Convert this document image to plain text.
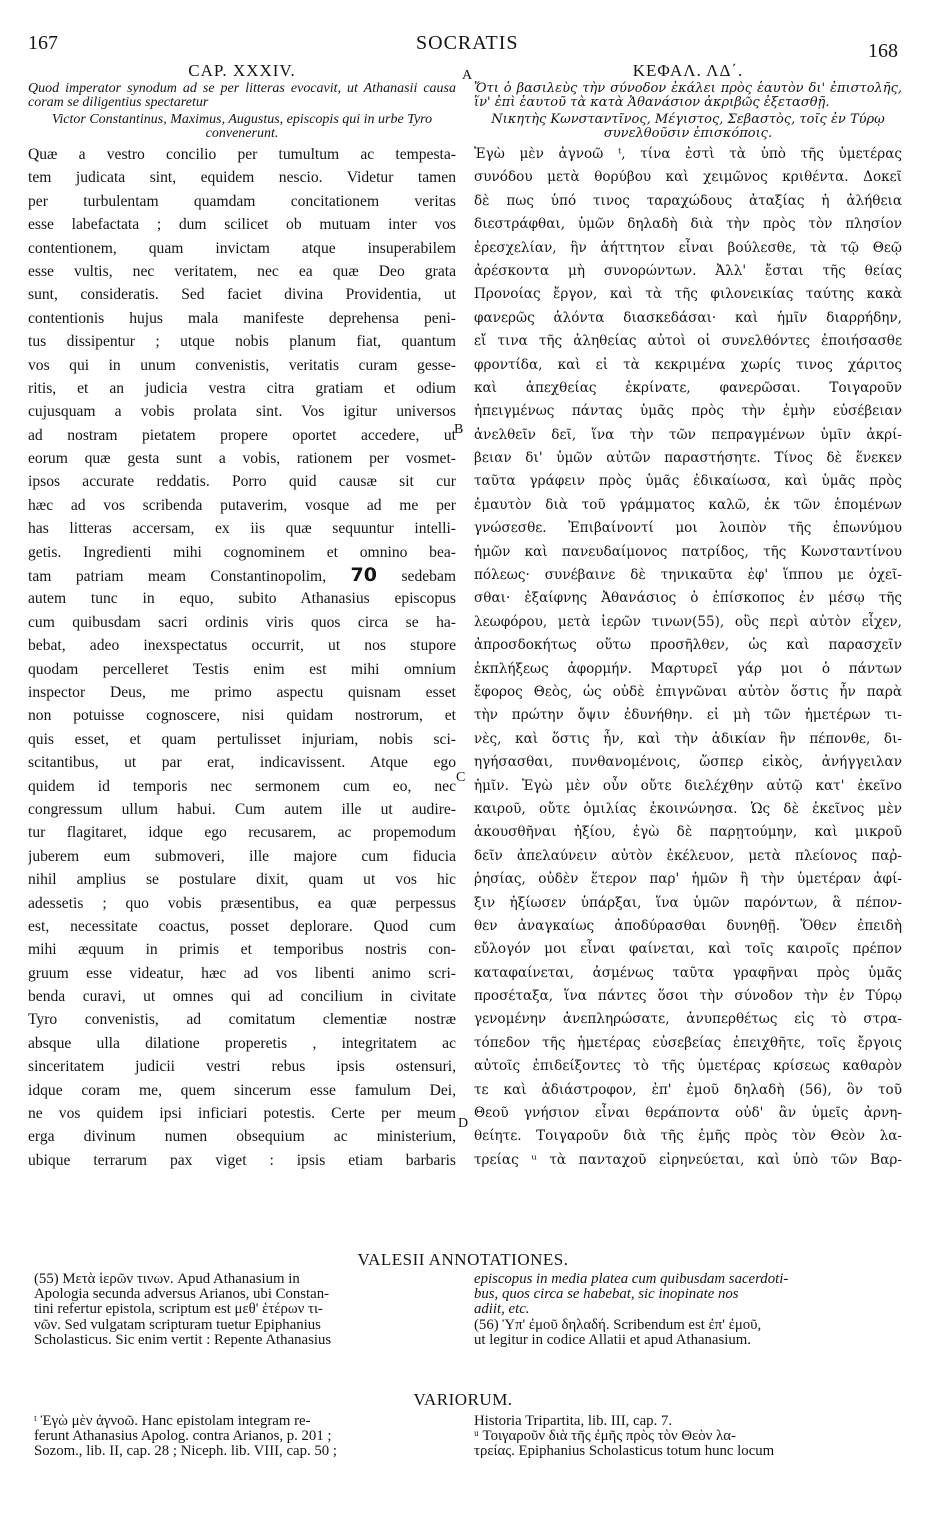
167	SOCRATIS	168
CAP. XXXIV.
Quod imperator synodum ad se per litteras evocavit, ut Athanasii causa coram se diligentius spectaretur
Victor Constantinus, Maximus, Augustus, episcopis qui in urbe Tyro convenerunt.
Quæ a vestro concilio per tumultum ac tempesta-
tem judicata sint, equidem nescio. Videtur tamen
per turbulentam quamdam concitationem veritas
esse labefactata ; dum scilicet ob mutuam inter vos
contentionem, quam invictam atque insuperabilem
esse vultis, nec veritatem, nec ea quæ Deo grata
sunt, consideratis. Sed faciet divina Providentia, ut
contentionis hujus mala manifeste deprehensa peni-
tus dissipentur ; utque nobis planum fiat, quantum
vos qui in unum convenistis, veritatis curam gesse-
ritis, et an judicia vestra citra gratiam et odium
cujusquam a vobis prolata sint. Vos igitur universos
ad nostram pietatem propere oportet accedere, ut
eorum quæ gesta sunt a vobis, rationem per vosmet-
ipsos accurate reddatis. Porro quid causæ sit cur
hæc ad vos scribenda putaverim, vosque ad me per
has litteras accersam, ex iis quæ sequuntur intelli-
getis. Ingredienti mihi cognominem et omnino bea-
tam patriam meam Constantinopolim, 70 sedebam
autem tunc in equo, subito Athanasius episcopus
cum quibusdam sacri ordinis viris quos circa se ha-
bebat, adeo inexspectatus occurrit, ut nos stupore
quodam percelleret Testis enim est mihi omnium
inspector Deus, me primo aspectu quisnam esset
non potuisse cognoscere, nisi quidam nostrorum, et
quis esset, et quam pertulisset injuriam, nobis sci-
scitantibus, ut par erat, indicavissent. Atque ego
quidem id temporis nec sermonem cum eo, nec
congressum ullum habui. Cum autem ille ut audire-
tur flagitaret, idque ego recusarem, ac propemodum
juberem eum submoveri, ille majore cum fiducia
nihil amplius se postulare dixit, quam ut vos hic
adessetis ; quo vobis præsentibus, ea quæ perpessus
est, necessitate coactus, posset deplorare. Quod cum
mihi æquum in primis et temporibus nostris con-
gruum esse videatur, hæc ad vos libenti animo scri-
benda curavi, ut omnes qui ad concilium in civitate
Tyro convenistis, ad comitatum clementiæ nostræ
absque ulla dilatione properetis , integritatem ac
sinceritatem judicii vestri rebus ipsis ostensuri,
idque coram me, quem sincerum esse famulum Dei,
ne vos quidem ipsi inficiari potestis. Certe per meum
erga divinum numen obsequium ac ministerium,
ubique terrarum pax viget : ipsis etiam barbaris
ΚΕΦΑΛ. ΛΔ΄.
Ὅτι ὁ βασιλεὺς τὴν σύνοδον ἐκάλει πρὸς ἑαυτὸν δι' ἐπιστολῆς, ἵν' ἐπὶ ἑαυτοῦ τὰ κατὰ Ἀθανάσιον ἀκριβῶς ἐξετασθῇ.
Νικητὴς Κωνσταντῖνος, Μέγιστος, Σεβαστὸς, τοῖς ἐν Τύρῳ συνελθοῦσιν ἐπισκόποις.
Ἐγὼ μὲν ἀγνοῶ ᵗ, τίνα ἐστὶ τὰ ὑπὸ τῆς ὑμετέρας
συνόδου μετὰ θορύβου καὶ χειμῶνος κριθέντα. Δοκεῖ
δὲ πως ὑπό τινος ταραχώδους ἀταξίας ἡ ἀλήθεια
διεστράφθαι, ὑμῶν δηλαδὴ διὰ τὴν πρὸς τὸν πλησίον
ἐρεσχελίαν, ἣν ἀήττητον εἶναι βούλεσθε, τὰ τῷ Θεῷ
ἀρέσκοντα μὴ συνορώντων. Ἀλλ' ἔσται τῆς θείας
Προνοίας ἔργον, καὶ τὰ τῆς φιλονεικίας ταύτης κακὰ
φανερῶς ἁλόντα διασκεδάσαι· καὶ ἡμῖν διαρρήδην,
εἴ τινα τῆς ἀληθείας αὐτοὶ οἱ συνελθόντες ἐποιήσασθε
φροντίδα, καὶ εἰ τὰ κεκριμένα χωρίς τινος χάριτος
καὶ ἀπεχθείας ἐκρίνατε, φανερῶσαι. Τοιγαροῦν
ἠπειγμένως πάντας ὑμᾶς πρὸς τὴν ἐμὴν εὐσέβειαν
ἀνελθεῖν δεῖ, ἵνα τὴν τῶν πεπραγμένων ὑμῖν ἀκρί-
βειαν δι' ὑμῶν αὐτῶν παραστήσητε. Τίνος δὲ ἕνεκεν
ταῦτα γράφειν πρὸς ὑμᾶς ἐδικαίωσα, καὶ ὑμᾶς πρὸς
ἐμαυτὸν διὰ τοῦ γράμματος καλῶ, ἐκ τῶν ἑπομένων
γνώσεσθε. Ἐπιβαίνοντί μοι λοιπὸν τῆς ἐπωνύμου
ἡμῶν καὶ πανευδαίμονος πατρίδος, τῆς Κωνσταντίνου
πόλεως· συνέβαινε δὲ τηνικαῦτα ἐφ' ἵππου με ὀχεῖ-
σθαι· ἐξαίφνης Ἀθανάσιος ὁ ἐπίσκοπος ἐν μέσῳ τῆς
λεωφόρου, μετὰ ἱερῶν τινων(55), οὓς περὶ αὐτὸν εἶχεν,
ἀπροσδοκήτως οὕτω προσῆλθεν, ὡς καὶ παρασχεῖν
ἐκπλήξεως ἀφορμήν. Μαρτυρεῖ γάρ μοι ὁ πάντων
ἔφορος Θεὸς, ὡς οὐδὲ ἐπιγνῶναι αὐτὸν ὅστις ἦν παρὰ
τὴν πρώτην ὄψιν ἐδυνήθην. εἰ μὴ τῶν ἡμετέρων τι-
νὲς, καὶ ὅστις ἦν, καὶ τὴν ἀδικίαν ἣν πέπονθε, δι-
ηγήσασθαι, πυνθανομένοις, ὥσπερ εἰκὸς, ἀνήγγειλαν
ἡμῖν. Ἐγὼ μὲν οὖν οὔτε διελέχθην αὐτῷ κατ' ἐκεῖνο
καιροῦ, οὔτε ὁμιλίας ἐκοινώνησα. Ὡς δὲ ἐκεῖνος μὲν
ἀκουσθῆναι ἠξίου, ἐγὼ δὲ παρῃτούμην, καὶ μικροῦ
δεῖν ἀπελαύνειν αὐτὸν ἐκέλευον, μετὰ πλείονος παῤ-
ῥησίας, οὐδὲν ἕτερον παρ' ἡμῶν ἢ τὴν ὑμετέραν ἀφί-
ξιν ἠξίωσεν ὑπάρξαι, ἵνα ὑμῶν παρόντων, ἃ πέπον-
θεν ἀναγκαίως ἀποδύρασθαι δυνηθῇ. Ὅθεν ἐπειδὴ
εὔλογόν μοι εἶναι φαίνεται, καὶ τοῖς καιροῖς πρέπον
καταφαίνεται, ἀσμένως ταῦτα γραφῆναι πρὸς ὑμᾶς
προσέταξα, ἵνα πάντες ὅσοι τὴν σύνοδον τὴν ἐν Τύρῳ
γενομένην ἀνεπληρώσατε, ἀνυπερθέτως εἰς τὸ στρα-
τόπεδον τῆς ἡμετέρας εὐσεβείας ἐπειχθῆτε, τοῖς ἔργοις
αὐτοῖς ἐπιδείξοντες τὸ τῆς ὑμετέρας κρίσεως καθαρὸν
τε καὶ ἀδιάστροφον, ἐπ' ἐμοῦ δηλαδὴ (56), ὃν τοῦ
Θεοῦ γνήσιον εἶναι θεράποντα οὐδ' ἂν ὑμεῖς ἀρνη-
θείητε. Τοιγαροῦν διὰ τῆς ἐμῆς πρὸς τὸν Θεὸν λα-
τρείας ᵘ τὰ πανταχοῦ εἰρηνεύεται, καὶ ὑπὸ τῶν Βαρ-
A
B
C
D
VALESII ANNOTATIONES.
(55) Μετὰ ἱερῶν τινων. Apud Athanasium in
Apologia secunda adversus Arianos, ubi Constan-
tini refertur epistola, scriptum est μεθ' ἑτέρων τι-
νῶν. Sed vulgatam scripturam tuetur Epiphanius
Scholasticus. Sic enim vertit : Repente Athanasius
episcopus in media platea cum quibusdam sacerdoti-
bus, quos circa se habebat, sic inopinate nos
adiit, etc.
(56) Ὑπ' ἐμοῦ δηλαδή. Scribendum est ἐπ' ἐμοῦ,
ut legitur in codice Allatii et apud Athanasium.
VARIORUM.
ᵗ Ἐγὼ μὲν ἀγνοῶ. Hanc epistolam integram re-
ferunt Athanasius Apolog. contra Arianos, p. 201 ;
Sozom., lib. II, cap. 28 ; Niceph. lib. VIII, cap. 50 ;
Historia Tripartita, lib. III, cap. 7.
ᵘ Τοιγαροῦν διὰ τῆς ἐμῆς πρὸς τὸν Θεὸν λα-
τρείας. Epiphanius Scholasticus totum hunc locum
